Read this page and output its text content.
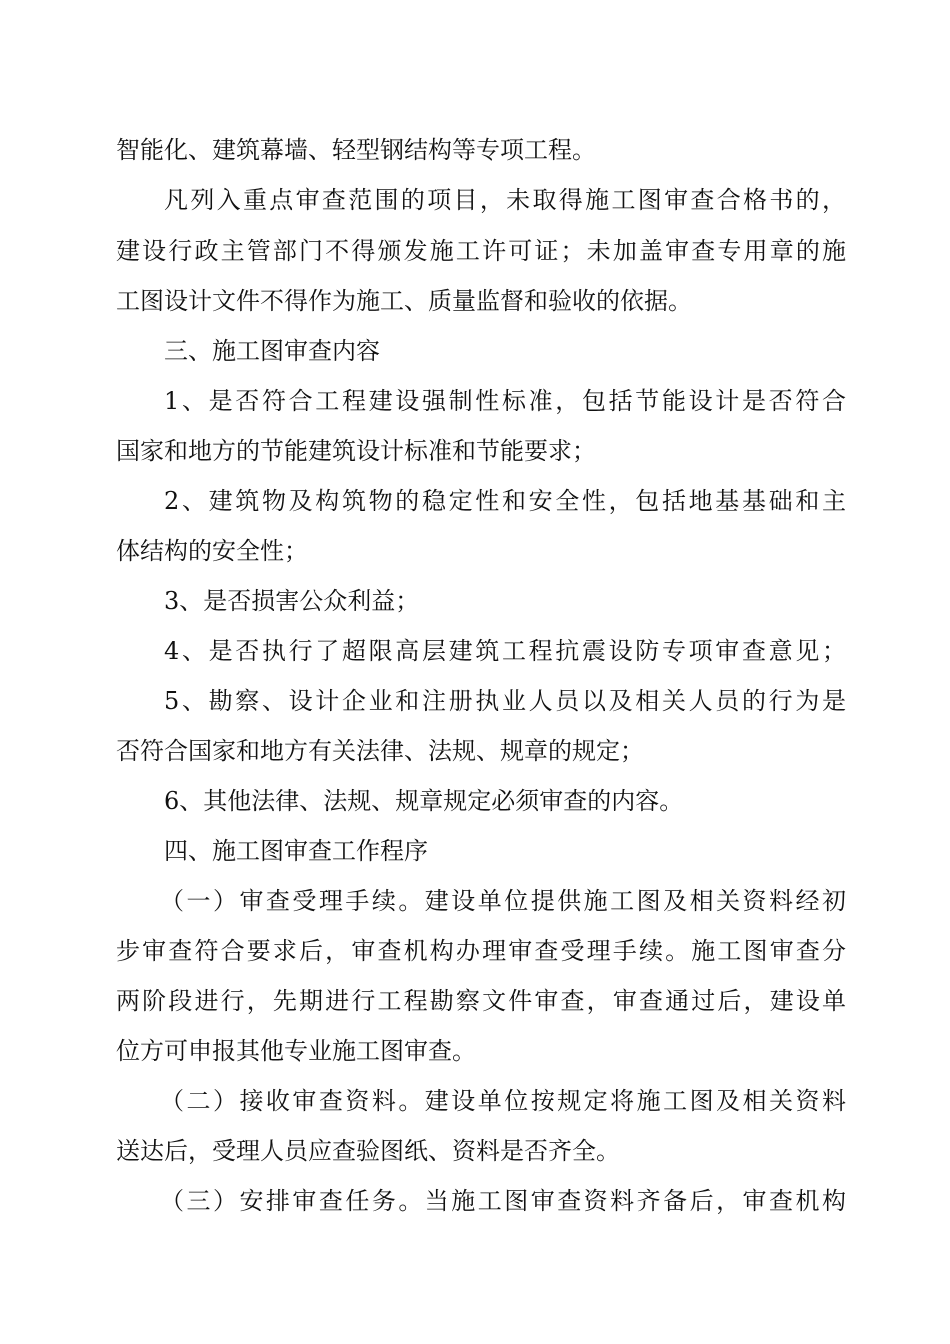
智能化、建筑幕墙、轻型钢结构等专项工程。
凡列入重点审查范围的项目，未取得施工图审查合格书的，
建设行政主管部门不得颁发施工许可证；未加盖审查专用章的施
工图设计文件不得作为施工、质量监督和验收的依据。
三、施工图审查内容
1、是否符合工程建设强制性标准，包括节能设计是否符合
国家和地方的节能建筑设计标准和节能要求；
2、建筑物及构筑物的稳定性和安全性，包括地基基础和主
体结构的安全性；
3、是否损害公众利益；
4、是否执行了超限高层建筑工程抗震设防专项审查意见；
5、勘察、设计企业和注册执业人员以及相关人员的行为是
否符合国家和地方有关法律、法规、规章的规定；
6、其他法律、法规、规章规定必须审查的内容。
四、施工图审查工作程序
（一）审查受理手续。建设单位提供施工图及相关资料经初
步审查符合要求后，审查机构办理审查受理手续。施工图审查分
两阶段进行，先期进行工程勘察文件审查，审查通过后，建设单
位方可申报其他专业施工图审查。
（二）接收审查资料。建设单位按规定将施工图及相关资料
送达后，受理人员应查验图纸、资料是否齐全。
（三）安排审查任务。当施工图审查资料齐备后，审查机构
